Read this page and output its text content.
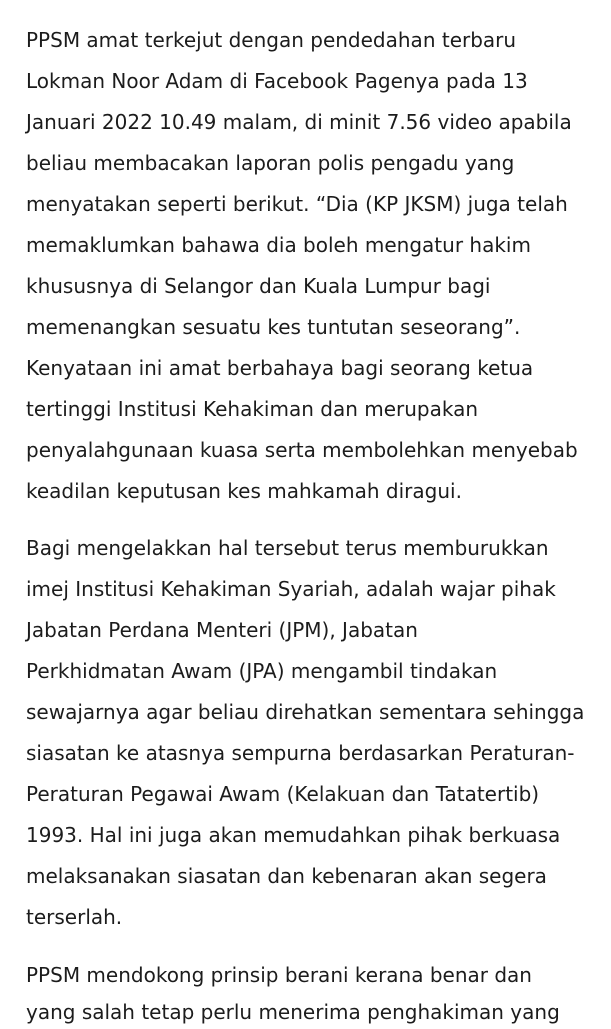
PPSM amat terkejut dengan pendedahan terbaru
Lokman Noor Adam di Facebook Pagenya pada 13
Januari 2022 10.49 malam, di minit 7.56 video apabila
beliau membacakan laporan polis pengadu yang
menyatakan seperti berikut. “Dia (KP JKSM) juga telah
memaklumkan bahawa dia boleh mengatur hakim
khususnya di Selangor dan Kuala Lumpur bagi
memenangkan sesuatu kes tuntutan seseorang”.
Kenyataan ini amat berbahaya bagi seorang ketua
tertinggi Institusi Kehakiman dan merupakan
penyalahgunaan kuasa serta membolehkan menyebab
keadilan keputusan kes mahkamah diragui.
Bagi mengelakkan hal tersebut terus memburukkan
imej Institusi Kehakiman Syariah, adalah wajar pihak
Jabatan Perdana Menteri (JPM), Jabatan
Perkhidmatan Awam (JPA) mengambil tindakan
sewajarnya agar beliau direhatkan sementara sehingga
siasatan ke atasnya sempurna berdasarkan Peraturan-
Peraturan Pegawai Awam (Kelakuan dan Tatatertib)
1993. Hal ini juga akan memudahkan pihak berkuasa
melaksanakan siasatan dan kebenaran akan segera
terserlah.
PPSM mendokong prinsip berani kerana benar dan
yang salah tetap perlu menerima penghakiman yang
